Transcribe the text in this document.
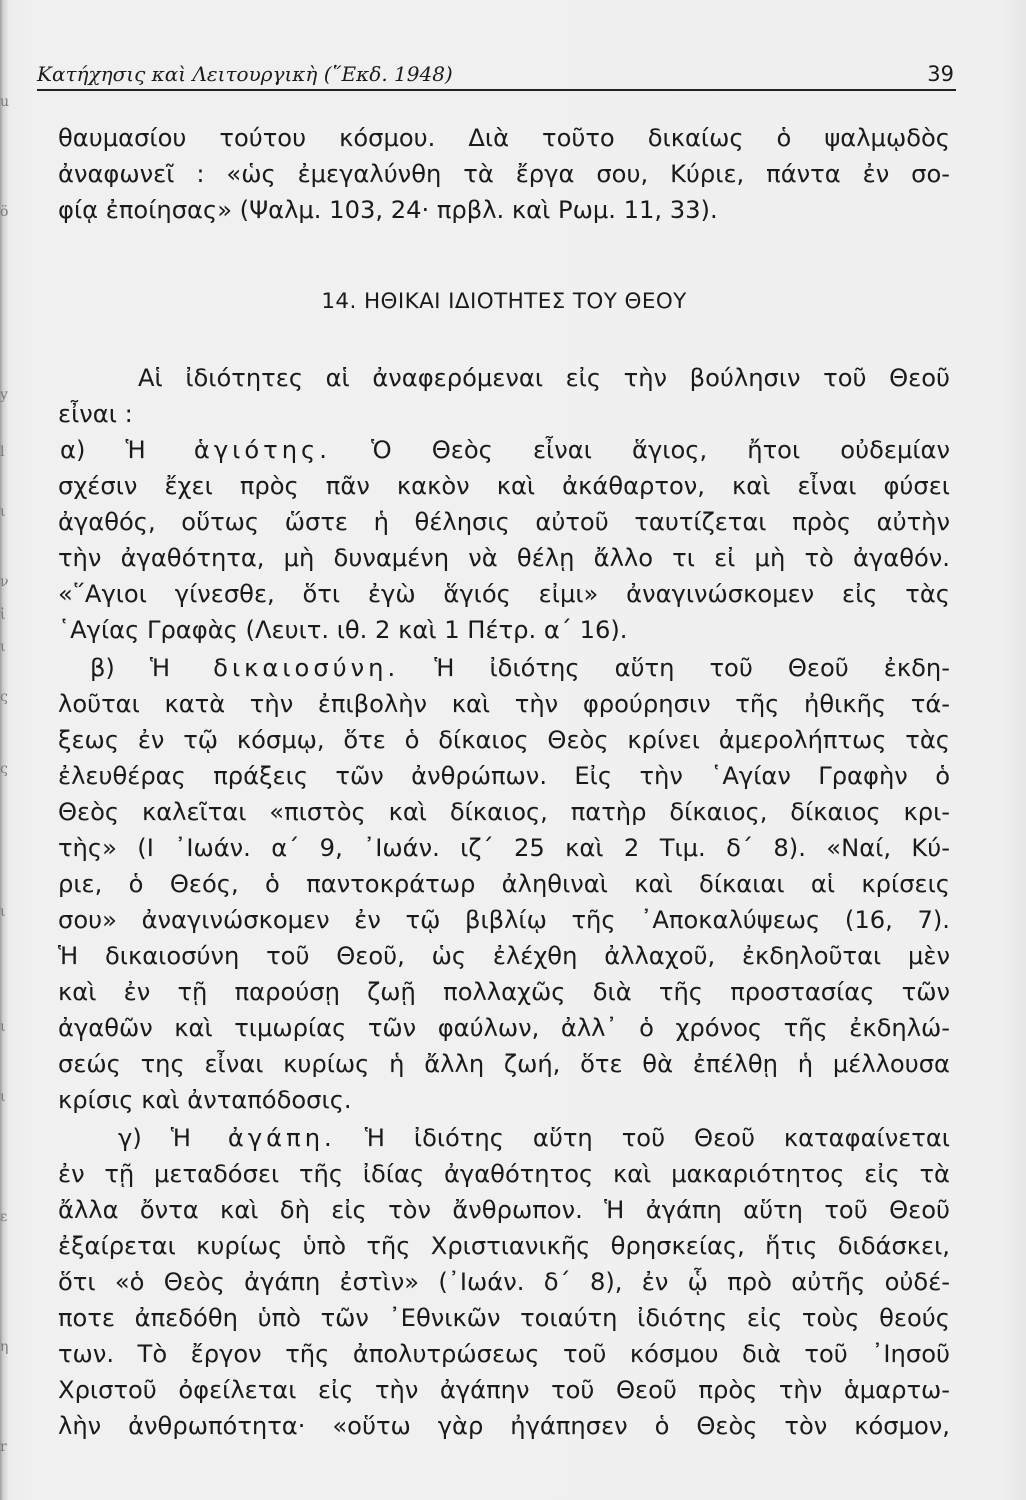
u
ö
y
l
ι
ν
ἰ
ι
ς
ς
ι
ι
ι
ε
η
r
Κατήχησις καὶ Λειτουργικὴ (῞Εκδ. 1948)	39
θαυμασίου τούτου κόσμου. Διὰ τοῦτο δικαίως ὁ ψαλμῳδὸς
ἀναφωνεῖ : «ὡς ἐμεγαλύνθη τὰ ἔργα σου, Κύριε, πάντα ἐν σο-
φίᾳ ἐποίησας» (Ψαλμ. 103, 24· πρβλ. καὶ Ρωμ. 11, 33).
14. ΗΘΙΚΑΙ ΙΔΙΟΤΗΤΕΣ ΤΟΥ ΘΕΟΥ
Αἱ ἰδιότητες αἱ ἀναφερόμεναι εἰς τὴν βούλησιν τοῦ Θεοῦ
εἶναι :
α) Ἡ ἁγιότης. Ὁ Θεὸς εἶναι ἅγιος, ἤτοι οὐδεμίαν
σχέσιν ἔχει πρὸς πᾶν κακὸν καὶ ἀκάθαρτον, καὶ εἶναι φύσει
ἀγαθός, οὕτως ὥστε ἡ θέλησις αὐτοῦ ταυτίζεται πρὸς αὐτὴν
τὴν ἀγαθότητα, μὴ δυναμένη νὰ θέλῃ ἄλλο τι εἰ μὴ τὸ ἀγαθόν.
«῞Αγιοι γίνεσθε, ὅτι ἐγὼ ἅγιός εἰμι» ἀναγινώσκομεν εἰς τὰς
῾Αγίας Γραφὰς (Λευιτ. ιθ. 2 καὶ 1 Πέτρ. α΄ 16).
β) Ἡ δικαιοσύνη. Ἡ ἰδιότης αὕτη τοῦ Θεοῦ ἐκδη-
λοῦται κατὰ τὴν ἐπιβολὴν καὶ τὴν φρούρησιν τῆς ἠθικῆς τά-
ξεως ἐν τῷ κόσμῳ, ὅτε ὁ δίκαιος Θεὸς κρίνει ἀμερολήπτως τὰς
ἐλευθέρας πράξεις τῶν ἀνθρώπων. Εἰς τὴν ῾Αγίαν Γραφὴν ὁ
Θεὸς καλεῖται «πιστὸς καὶ δίκαιος, πατὴρ δίκαιος, δίκαιος κρι-
τὴς» (Ι ᾿Ιωάν. α΄ 9, ᾿Ιωάν. ιζ΄ 25 καὶ 2 Τιμ. δ΄ 8). «Ναί, Κύ-
ριε, ὁ Θεός, ὁ παντοκράτωρ ἀληθιναὶ καὶ δίκαιαι αἱ κρίσεις
σου» ἀναγινώσκομεν ἐν τῷ βιβλίῳ τῆς ᾿Αποκαλύψεως (16, 7).
Ἡ δικαιοσύνη τοῦ Θεοῦ, ὡς ἐλέχθη ἀλλαχοῦ, ἐκδηλοῦται μὲν
καὶ ἐν τῇ παρούσῃ ζωῇ πολλαχῶς διὰ τῆς προστασίας τῶν
ἀγαθῶν καὶ τιμωρίας τῶν φαύλων, ἀλλ᾿ ὁ χρόνος τῆς ἐκδηλώ-
σεώς της εἶναι κυρίως ἡ ἄλλη ζωή, ὅτε θὰ ἐπέλθῃ ἡ μέλλουσα
κρίσις καὶ ἀνταπόδοσις.
γ) Ἡ ἀγάπη. Ἡ ἰδιότης αὕτη τοῦ Θεοῦ καταφαίνεται
ἐν τῇ μεταδόσει τῆς ἰδίας ἀγαθότητος καὶ μακαριότητος εἰς τὰ
ἄλλα ὄντα καὶ δὴ εἰς τὸν ἄνθρωπον. Ἡ ἀγάπη αὕτη τοῦ Θεοῦ
ἐξαίρεται κυρίως ὑπὸ τῆς Χριστιανικῆς θρησκείας, ἥτις διδάσκει,
ὅτι «ὁ Θεὸς ἀγάπη ἐστὶν» (᾿Ιωάν. δ΄ 8), ἐν ᾧ πρὸ αὐτῆς οὐδέ-
ποτε ἀπεδόθη ὑπὸ τῶν ᾿Εθνικῶν τοιαύτη ἰδιότης εἰς τοὺς θεούς
των. Τὸ ἔργον τῆς ἀπολυτρώσεως τοῦ κόσμου διὰ τοῦ ᾿Ιησοῦ
Χριστοῦ ὀφείλεται εἰς τὴν ἀγάπην τοῦ Θεοῦ πρὸς τὴν ἁμαρτω-
λὴν ἀνθρωπότητα· «οὕτω γὰρ ἠγάπησεν ὁ Θεὸς τὸν κόσμον,
